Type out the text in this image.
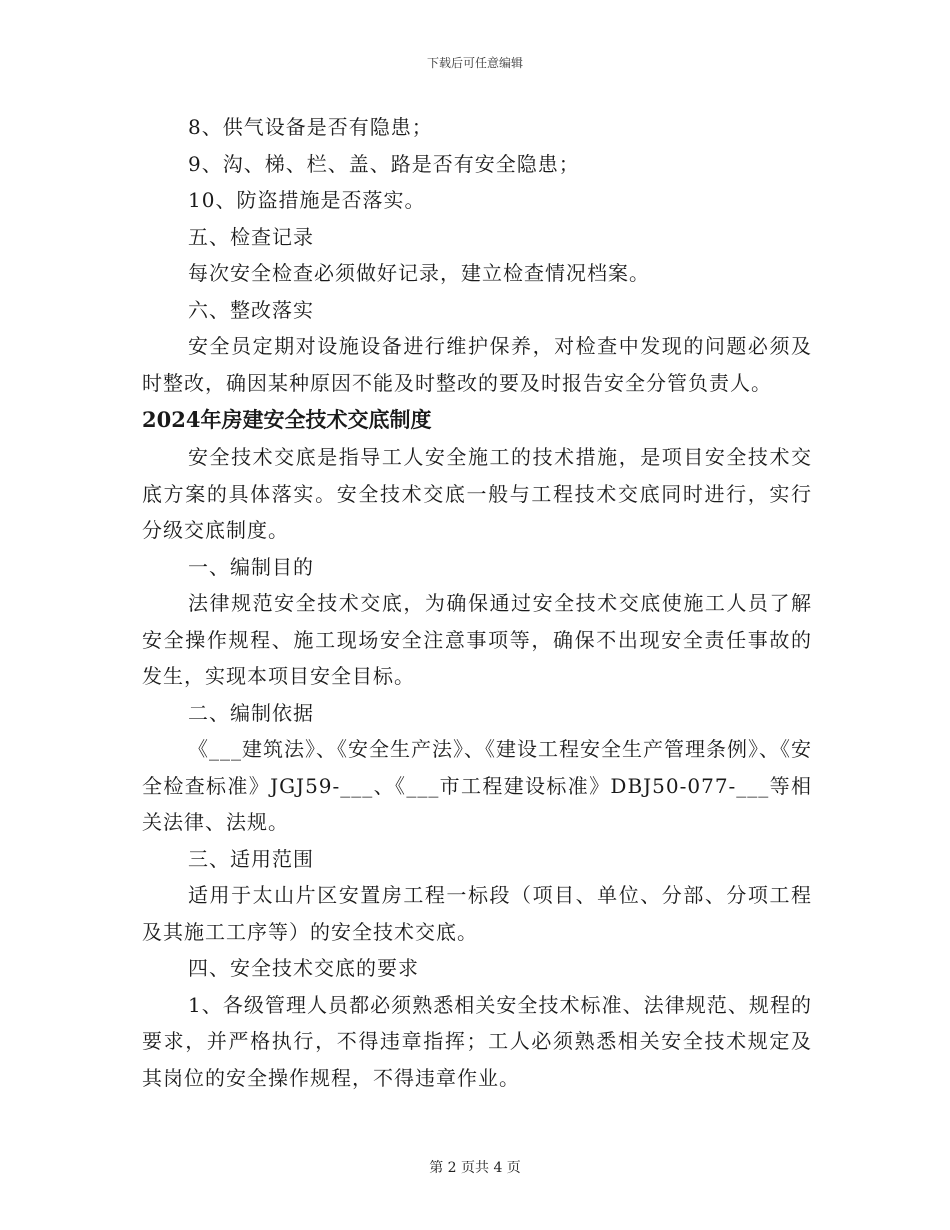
下载后可任意编辑

8、供气设备是否有隐患；

9、沟、梯、栏、盖、路是否有安全隐患；

10、防盗措施是否落实。

五、检查记录

每次安全检查必须做好记录，建立检查情况档案。

六、整改落实

安全员定期对设施设备进行维护保养，对检查中发现的问题必须及时整改，确因某种原因不能及时整改的要及时报告安全分管负责人。

2024年房建安全技术交底制度

安全技术交底是指导工人安全施工的技术措施，是项目安全技术交底方案的具体落实。安全技术交底一般与工程技术交底同时进行，实行分级交底制度。

一、编制目的

法律规范安全技术交底，为确保通过安全技术交底使施工人员了解安全操作规程、施工现场安全注意事项等，确保不出现安全责任事故的发生，实现本项目安全目标。

二、编制依据

《___建筑法》、《安全生产法》、《建设工程安全生产管理条例》、《安全检查标准》JGJ59-___、《___市工程建设标准》DBJ50-077-___等相关法律、法规。

三、适用范围

适用于太山片区安置房工程一标段（项目、单位、分部、分项工程及其施工工序等）的安全技术交底。

四、安全技术交底的要求

1、各级管理人员都必须熟悉相关安全技术标准、法律规范、规程的要求，并严格执行，不得违章指挥；工人必须熟悉相关安全技术规定及其岗位的安全操作规程，不得违章作业。

第 2 页共 4 页
